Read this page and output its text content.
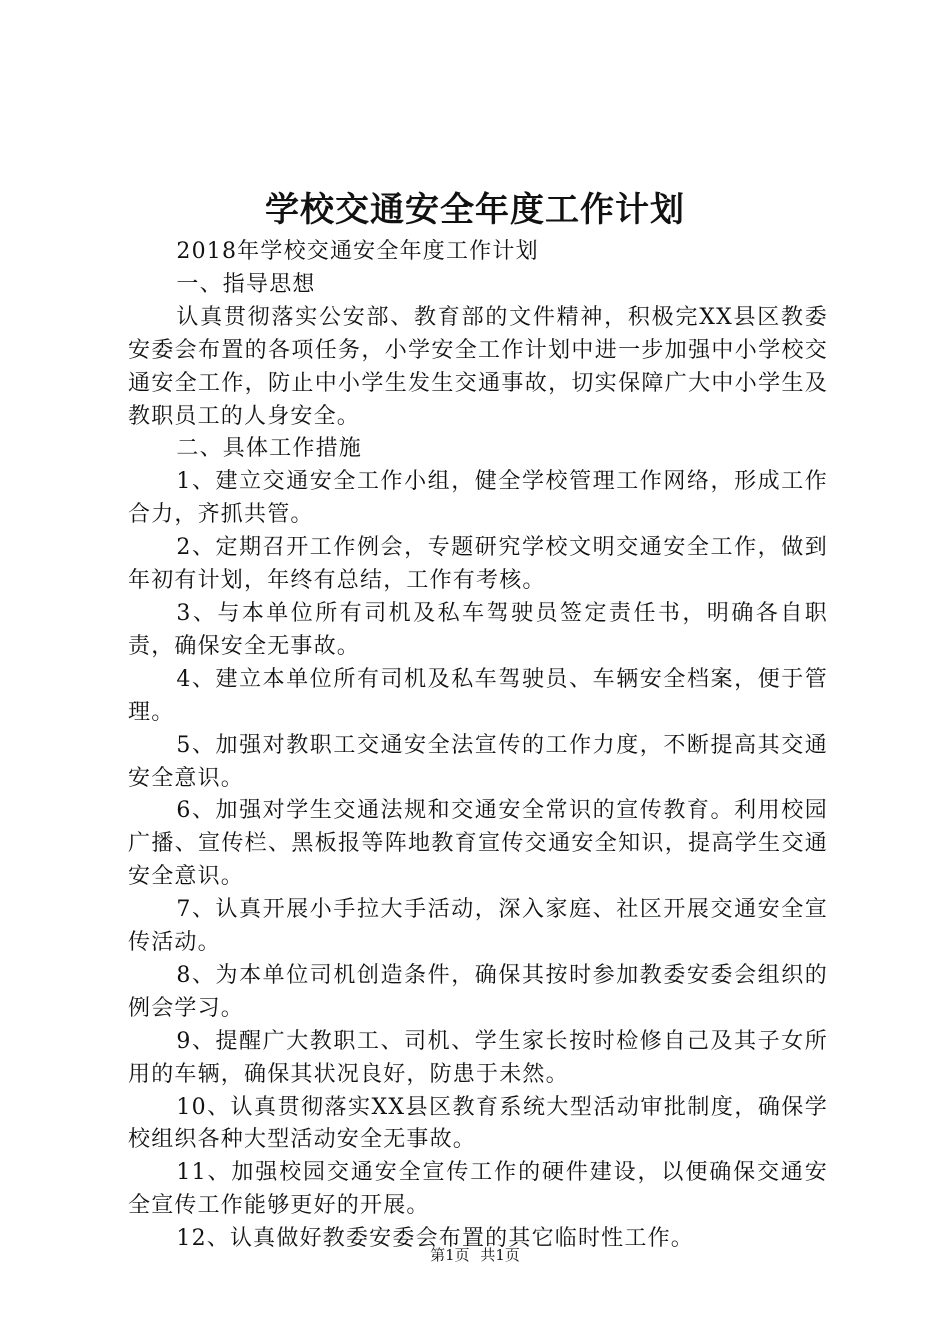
学校交通安全年度工作计划

2018年学校交通安全年度工作计划

一、指导思想

认真贯彻落实公安部、教育部的文件精神，积极完XX县区教委安委会布置的各项任务，小学安全工作计划中进一步加强中小学校交通安全工作，防止中小学生发生交通事故，切实保障广大中小学生及教职员工的人身安全。

二、具体工作措施

1、建立交通安全工作小组，健全学校管理工作网络，形成工作合力，齐抓共管。

2、定期召开工作例会，专题研究学校文明交通安全工作，做到年初有计划，年终有总结，工作有考核。

3、与本单位所有司机及私车驾驶员签定责任书，明确各自职责，确保安全无事故。

4、建立本单位所有司机及私车驾驶员、车辆安全档案，便于管理。

5、加强对教职工交通安全法宣传的工作力度，不断提高其交通安全意识。

6、加强对学生交通法规和交通安全常识的宣传教育。利用校园广播、宣传栏、黑板报等阵地教育宣传交通安全知识，提高学生交通安全意识。

7、认真开展小手拉大手活动，深入家庭、社区开展交通安全宣传活动。

8、为本单位司机创造条件，确保其按时参加教委安委会组织的例会学习。

9、提醒广大教职工、司机、学生家长按时检修自己及其子女所用的车辆，确保其状况良好，防患于未然。

10、认真贯彻落实XX县区教育系统大型活动审批制度，确保学校组织各种大型活动安全无事故。

11、加强校园交通安全宣传工作的硬件建设，以便确保交通安全宣传工作能够更好的开展。

12、认真做好教委安委会布置的其它临时性工作。

第1页 共1页
